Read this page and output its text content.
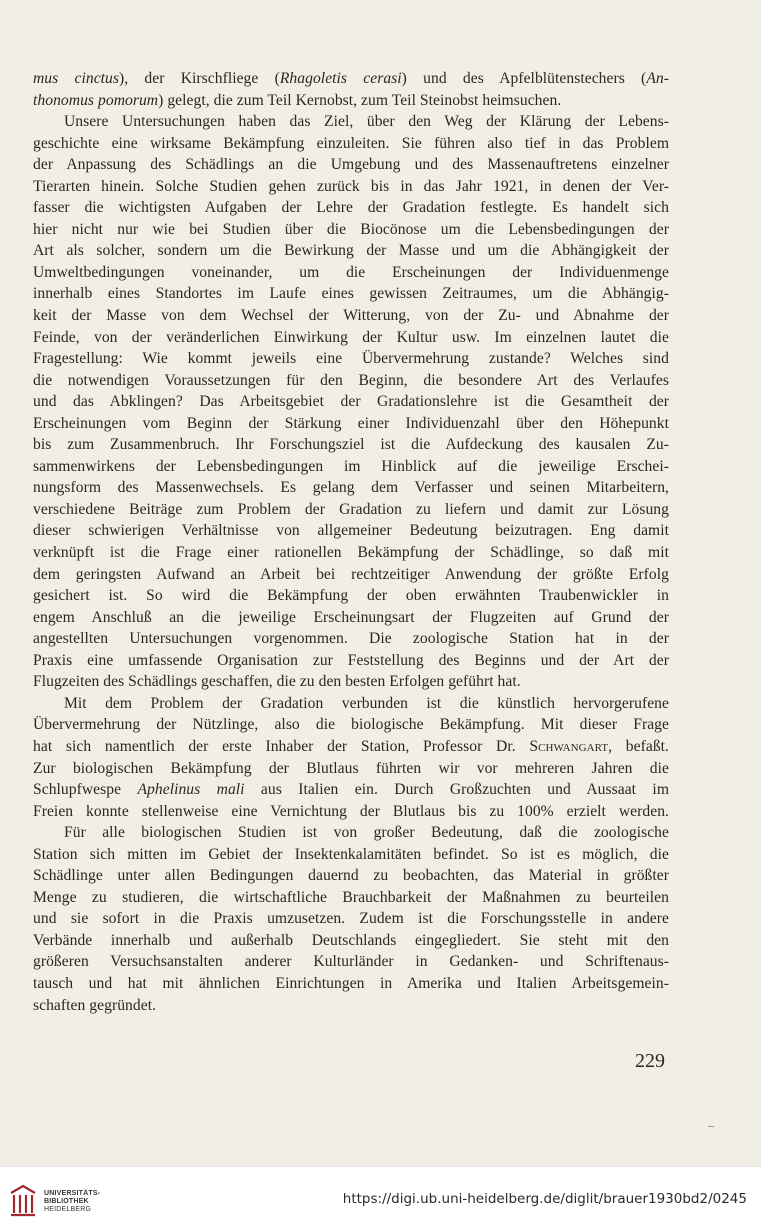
mus cinctus), der Kirschfliege (Rhagoletis cerasi) und des Apfelblütenstechers (An-
thonomus pomorum) gelegt, die zum Teil Kernobst, zum Teil Steinobst heimsuchen.
Unsere Untersuchungen haben das Ziel, über den Weg der Klärung der Lebens-
geschichte eine wirksame Bekämpfung einzuleiten. Sie führen also tief in das Problem
der Anpassung des Schädlings an die Umgebung und des Massenauftretens einzelner
Tierarten hinein. Solche Studien gehen zurück bis in das Jahr 1921, in denen der Ver-
fasser die wichtigsten Aufgaben der Lehre der Gradation festlegte. Es handelt sich
hier nicht nur wie bei Studien über die Biocönose um die Lebensbedingungen der
Art als solcher, sondern um die Bewirkung der Masse und um die Abhängigkeit der
Umweltbedingungen voneinander, um die Erscheinungen der Individuenmenge
innerhalb eines Standortes im Laufe eines gewissen Zeitraumes, um die Abhängig-
keit der Masse von dem Wechsel der Witterung, von der Zu- und Abnahme der
Feinde, von der veränderlichen Einwirkung der Kultur usw. Im einzelnen lautet die
Fragestellung: Wie kommt jeweils eine Übervermehrung zustande? Welches sind
die notwendigen Voraussetzungen für den Beginn, die besondere Art des Verlaufes
und das Abklingen? Das Arbeitsgebiet der Gradationslehre ist die Gesamtheit der
Erscheinungen vom Beginn der Stärkung einer Individuenzahl über den Höhepunkt
bis zum Zusammenbruch. Ihr Forschungsziel ist die Aufdeckung des kausalen Zu-
sammenwirkens der Lebensbedingungen im Hinblick auf die jeweilige Erschei-
nungsform des Massenwechsels. Es gelang dem Verfasser und seinen Mitarbeitern,
verschiedene Beiträge zum Problem der Gradation zu liefern und damit zur Lösung
dieser schwierigen Verhältnisse von allgemeiner Bedeutung beizutragen. Eng damit
verknüpft ist die Frage einer rationellen Bekämpfung der Schädlinge, so daß mit
dem geringsten Aufwand an Arbeit bei rechtzeitiger Anwendung der größte Erfolg
gesichert ist. So wird die Bekämpfung der oben erwähnten Traubenwickler in
engem Anschluß an die jeweilige Erscheinungsart der Flugzeiten auf Grund der
angestellten Untersuchungen vorgenommen. Die zoologische Station hat in der
Praxis eine umfassende Organisation zur Feststellung des Beginns und der Art der
Flugzeiten des Schädlings geschaffen, die zu den besten Erfolgen geführt hat.
Mit dem Problem der Gradation verbunden ist die künstlich hervorgerufene
Übervermehrung der Nützlinge, also die biologische Bekämpfung. Mit dieser Frage
hat sich namentlich der erste Inhaber der Station, Professor Dr. Schwangart, befaßt.
Zur biologischen Bekämpfung der Blutlaus führten wir vor mehreren Jahren die
Schlupfwespe Aphelinus mali aus Italien ein. Durch Großzuchten und Aussaat im
Freien konnte stellenweise eine Vernichtung der Blutlaus bis zu 100% erzielt werden.
Für alle biologischen Studien ist von großer Bedeutung, daß die zoologische
Station sich mitten im Gebiet der Insektenkalamitäten befindet. So ist es möglich, die
Schädlinge unter allen Bedingungen dauernd zu beobachten, das Material in größter
Menge zu studieren, die wirtschaftliche Brauchbarkeit der Maßnahmen zu beurteilen
und sie sofort in die Praxis umzusetzen. Zudem ist die Forschungsstelle in andere
Verbände innerhalb und außerhalb Deutschlands eingegliedert. Sie steht mit den
größeren Versuchsanstalten anderer Kulturländer in Gedanken- und Schriftenaus-
tausch und hat mit ähnlichen Einrichtungen in Amerika und Italien Arbeitsgemein-
schaften gegründet.
229
UNIVERSITÄTS-
BIBLIOTHEK
HEIDELBERG
https://digi.ub.uni-heidelberg.de/diglit/brauer1930bd2/0245
